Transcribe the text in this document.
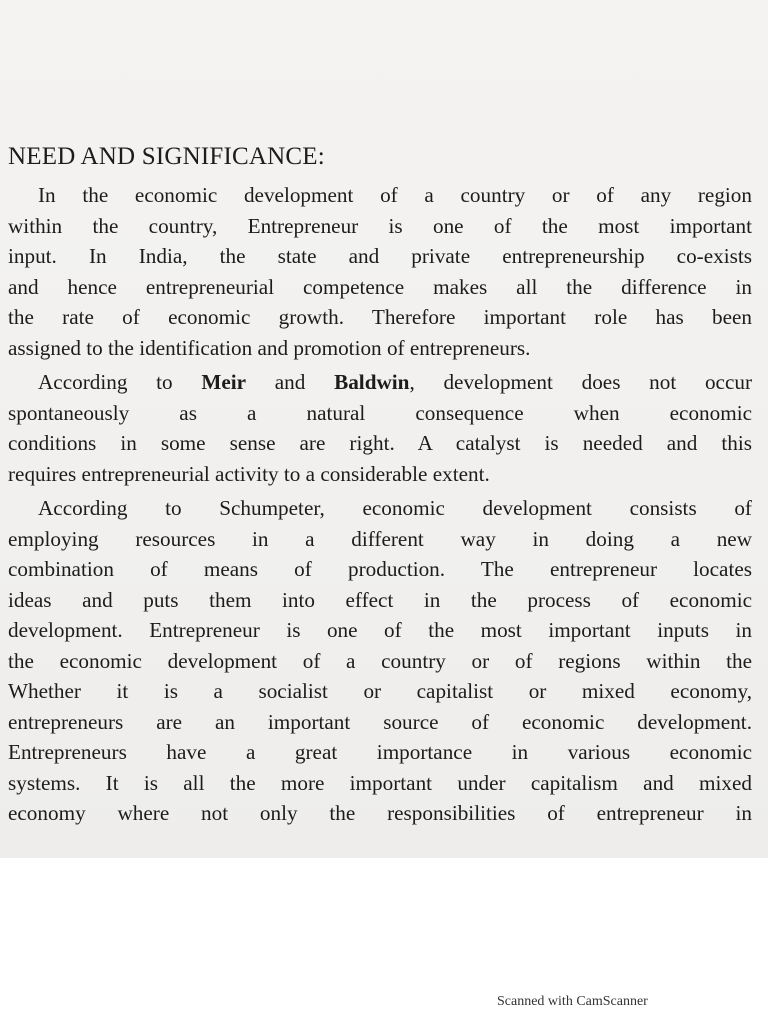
NEED AND SIGNIFICANCE:
In the economic development of a country or of any region
within the country, Entrepreneur is one of the most important
input. In India, the state and private entrepreneurship co-exists
and hence entrepreneurial competence makes all the difference in
the rate of economic growth. Therefore important role has been
assigned to the identification and promotion of entrepreneurs.
According to Meir and Baldwin, development does not occur
spontaneously as a natural consequence when economic
conditions in some sense are right. A catalyst is needed and this
requires entrepreneurial activity to a considerable extent.
According to Schumpeter, economic development consists of
employing resources in a different way in doing a new
combination of means of production. The entrepreneur locates
ideas and puts them into effect in the process of economic
development. Entrepreneur is one of the most important inputs in
the economic development of a country or of regions within the
Whether it is a socialist or capitalist or mixed economy,
entrepreneurs are an important source of economic development.
Entrepreneurs have a great importance in various economic
systems. It is all the more important under capitalism and mixed
economy where not only the responsibilities of entrepreneur in
Scanned with CamScanner
